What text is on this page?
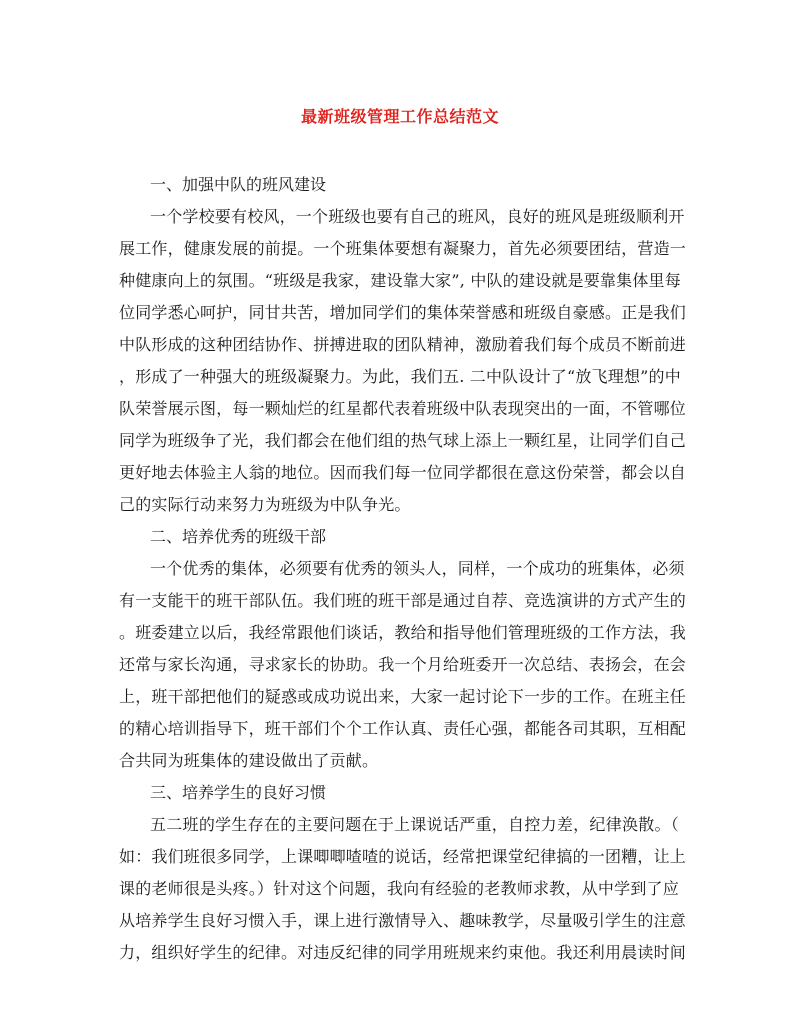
最新班级管理工作总结范文
一、加强中队的班风建设
一个学校要有校风，一个班级也要有自己的班风，良好的班风是班级顺利开
展工作，健康发展的前提。一个班集体要想有凝聚力，首先必须要团结，营造一
种健康向上的氛围。“班级是我家，建设靠大家”, 中队的建设就是要靠集体里每
位同学悉心呵护，同甘共苦，增加同学们的集体荣誉感和班级自豪感。正是我们
中队形成的这种团结协作、拼搏进取的团队精神，激励着我们每个成员不断前进
，形成了一种强大的班级凝聚力。为此，我们五. 二中队设计了“放飞理想”的中
队荣誉展示图，每一颗灿烂的红星都代表着班级中队表现突出的一面，不管哪位
同学为班级争了光，我们都会在他们组的热气球上添上一颗红星，让同学们自己
更好地去体验主人翁的地位。因而我们每一位同学都很在意这份荣誉，都会以自
己的实际行动来努力为班级为中队争光。
二、培养优秀的班级干部
一个优秀的集体，必须要有优秀的领头人，同样，一个成功的班集体，必须
有一支能干的班干部队伍。我们班的班干部是通过自荐、竞选演讲的方式产生的
。班委建立以后，我经常跟他们谈话，教给和指导他们管理班级的工作方法，我
还常与家长沟通，寻求家长的协助。我一个月给班委开一次总结、表扬会，在会
上，班干部把他们的疑惑或成功说出来，大家一起讨论下一步的工作。在班主任
的精心培训指导下，班干部们个个工作认真、责任心强，都能各司其职，互相配
合共同为班集体的建设做出了贡献。
三、培养学生的良好习惯
五二班的学生存在的主要问题在于上课说话严重，自控力差，纪律涣散。（
如：我们班很多同学，上课唧唧喳喳的说话，经常把课堂纪律搞的一团糟，让上
课的老师很是头疼。）针对这个问题，我向有经验的老教师求教，从中学到了应
从培养学生良好习惯入手，课上进行激情导入、趣味教学，尽量吸引学生的注意
力，组织好学生的纪律。对违反纪律的同学用班规来约束他。我还利用晨读时间
